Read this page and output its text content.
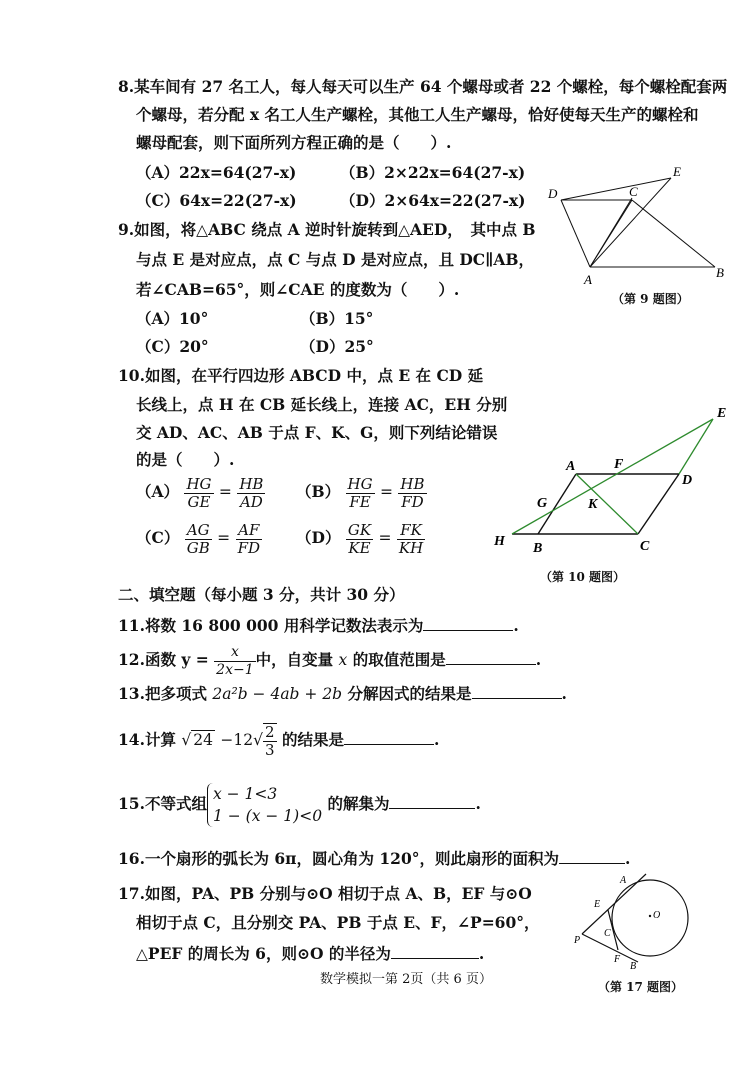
8.某车间有 27 名工人，每人每天可以生产 64 个螺母或者 22 个螺栓，每个螺栓配套两
个螺母，若分配 x 名工人生产螺栓，其他工人生产螺母，恰好使每天生产的螺栓和
螺母配套，则下面所列方程正确的是（　　）.
（A）22x=64(27-x)	（B）2×22x=64(27-x)
（C）64x=22(27-x)	（D）2×64x=22(27-x)
9.如图，将△ABC 绕点 A 逆时针旋转到△AED，　其中点 B
与点 E 是对应点，点 C 与点 D 是对应点，且 DC∥AB，
若∠CAB=65°，则∠CAE 的度数为（　　）.
（A）10°	（B）15°
（C）20°	（D）25°
D
E
C
A	B
（第 9 题图）
10.如图，在平行四边形 ABCD 中，点 E 在 CD 延
长线上，点 H 在 CB 延长线上，连接 AC，EH 分别
交 AD、AC、AB 于点 F、K、G，则下列结论错误
的是（　　）.
$(A) \frac{HG}{GE} = \frac{HB}{AD} (B) \frac{HG}{FE} = \frac{HB}{FD}$
$(C) \frac{AG}{GB} = \frac{AF}{FD} (D) \frac{GK}{KE} = \frac{FK}{KH}$
E
A	F
D
G	K
H B	C
（第 10 题图）
二、填空题（每小题 3 分，共计 30 分）
11.将数 16 800 000 用科学记数法表示为	.
12.函数 $y = \frac{x}{2x-1}$ 中，自变量 x 的取值范围是	.
13.把多项式 2a²b − 4ab + 2b 分解因式的结果是	.
14.计算 √ $24 -12√ \frac{2}{3}$ 的结果是	.
15.不等式组 x − 1<3
1 − (x − 1)<0
的解集为	.
16.一个扇形的弧长为 6π，圆心角为 120°，则此扇形的面积为	.
17.如图，PA、PB 分别与⊙O 相切于点 A、B，EF 与⊙O
相切于点 C，且分别交 PA、PB 于点 E、F，∠P=60°，
△PEF 的周长为 6，则⊙O 的半径为	.
A
E
O
P
C
F
B
（第 17 题图）
数学模拟一第 2页（共 6 页）
